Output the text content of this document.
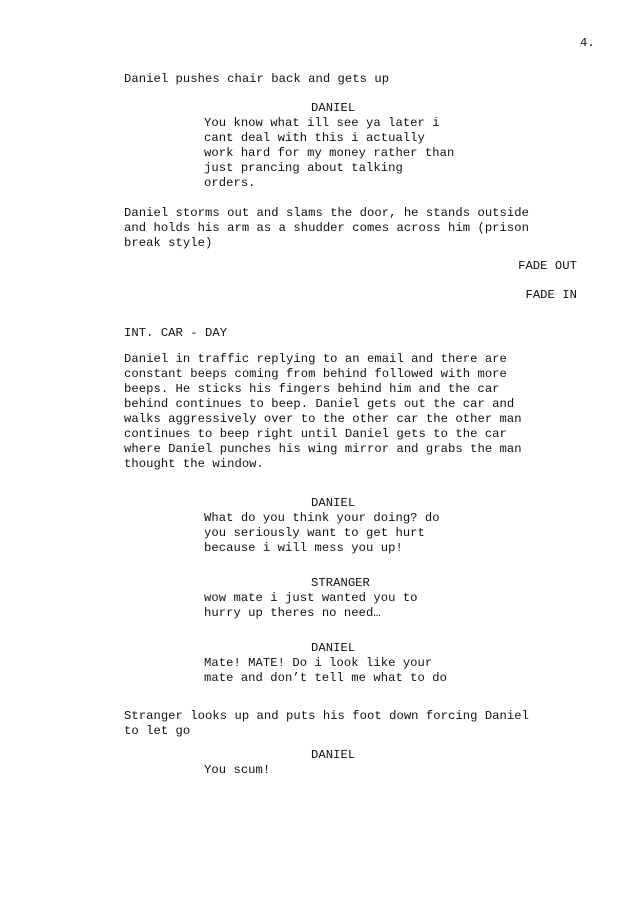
4.
Daniel pushes chair back and gets up
DANIEL
You know what ill see ya later i
cant deal with this i actually
work hard for my money rather than
just prancing about talking
orders.
Daniel storms out and slams the door, he stands outside
and holds his arm as a shudder comes across him (prison
break style)
FADE OUT
FADE IN
INT. CAR - DAY
Daniel in traffic replying to an email and there are
constant beeps coming from behind followed with more
beeps. He sticks his fingers behind him and the car
behind continues to beep. Daniel gets out the car and
walks aggressively over to the other car the other man
continues to beep right until Daniel gets to the car
where Daniel punches his wing mirror and grabs the man
thought the window.
DANIEL
What do you think your doing? do
you seriously want to get hurt
because i will mess you up!
STRANGER
wow mate i just wanted you to
hurry up theres no need…
DANIEL
Mate! MATE! Do i look like your
mate and don’t tell me what to do
Stranger looks up and puts his foot down forcing Daniel
to let go
DANIEL
You scum!
